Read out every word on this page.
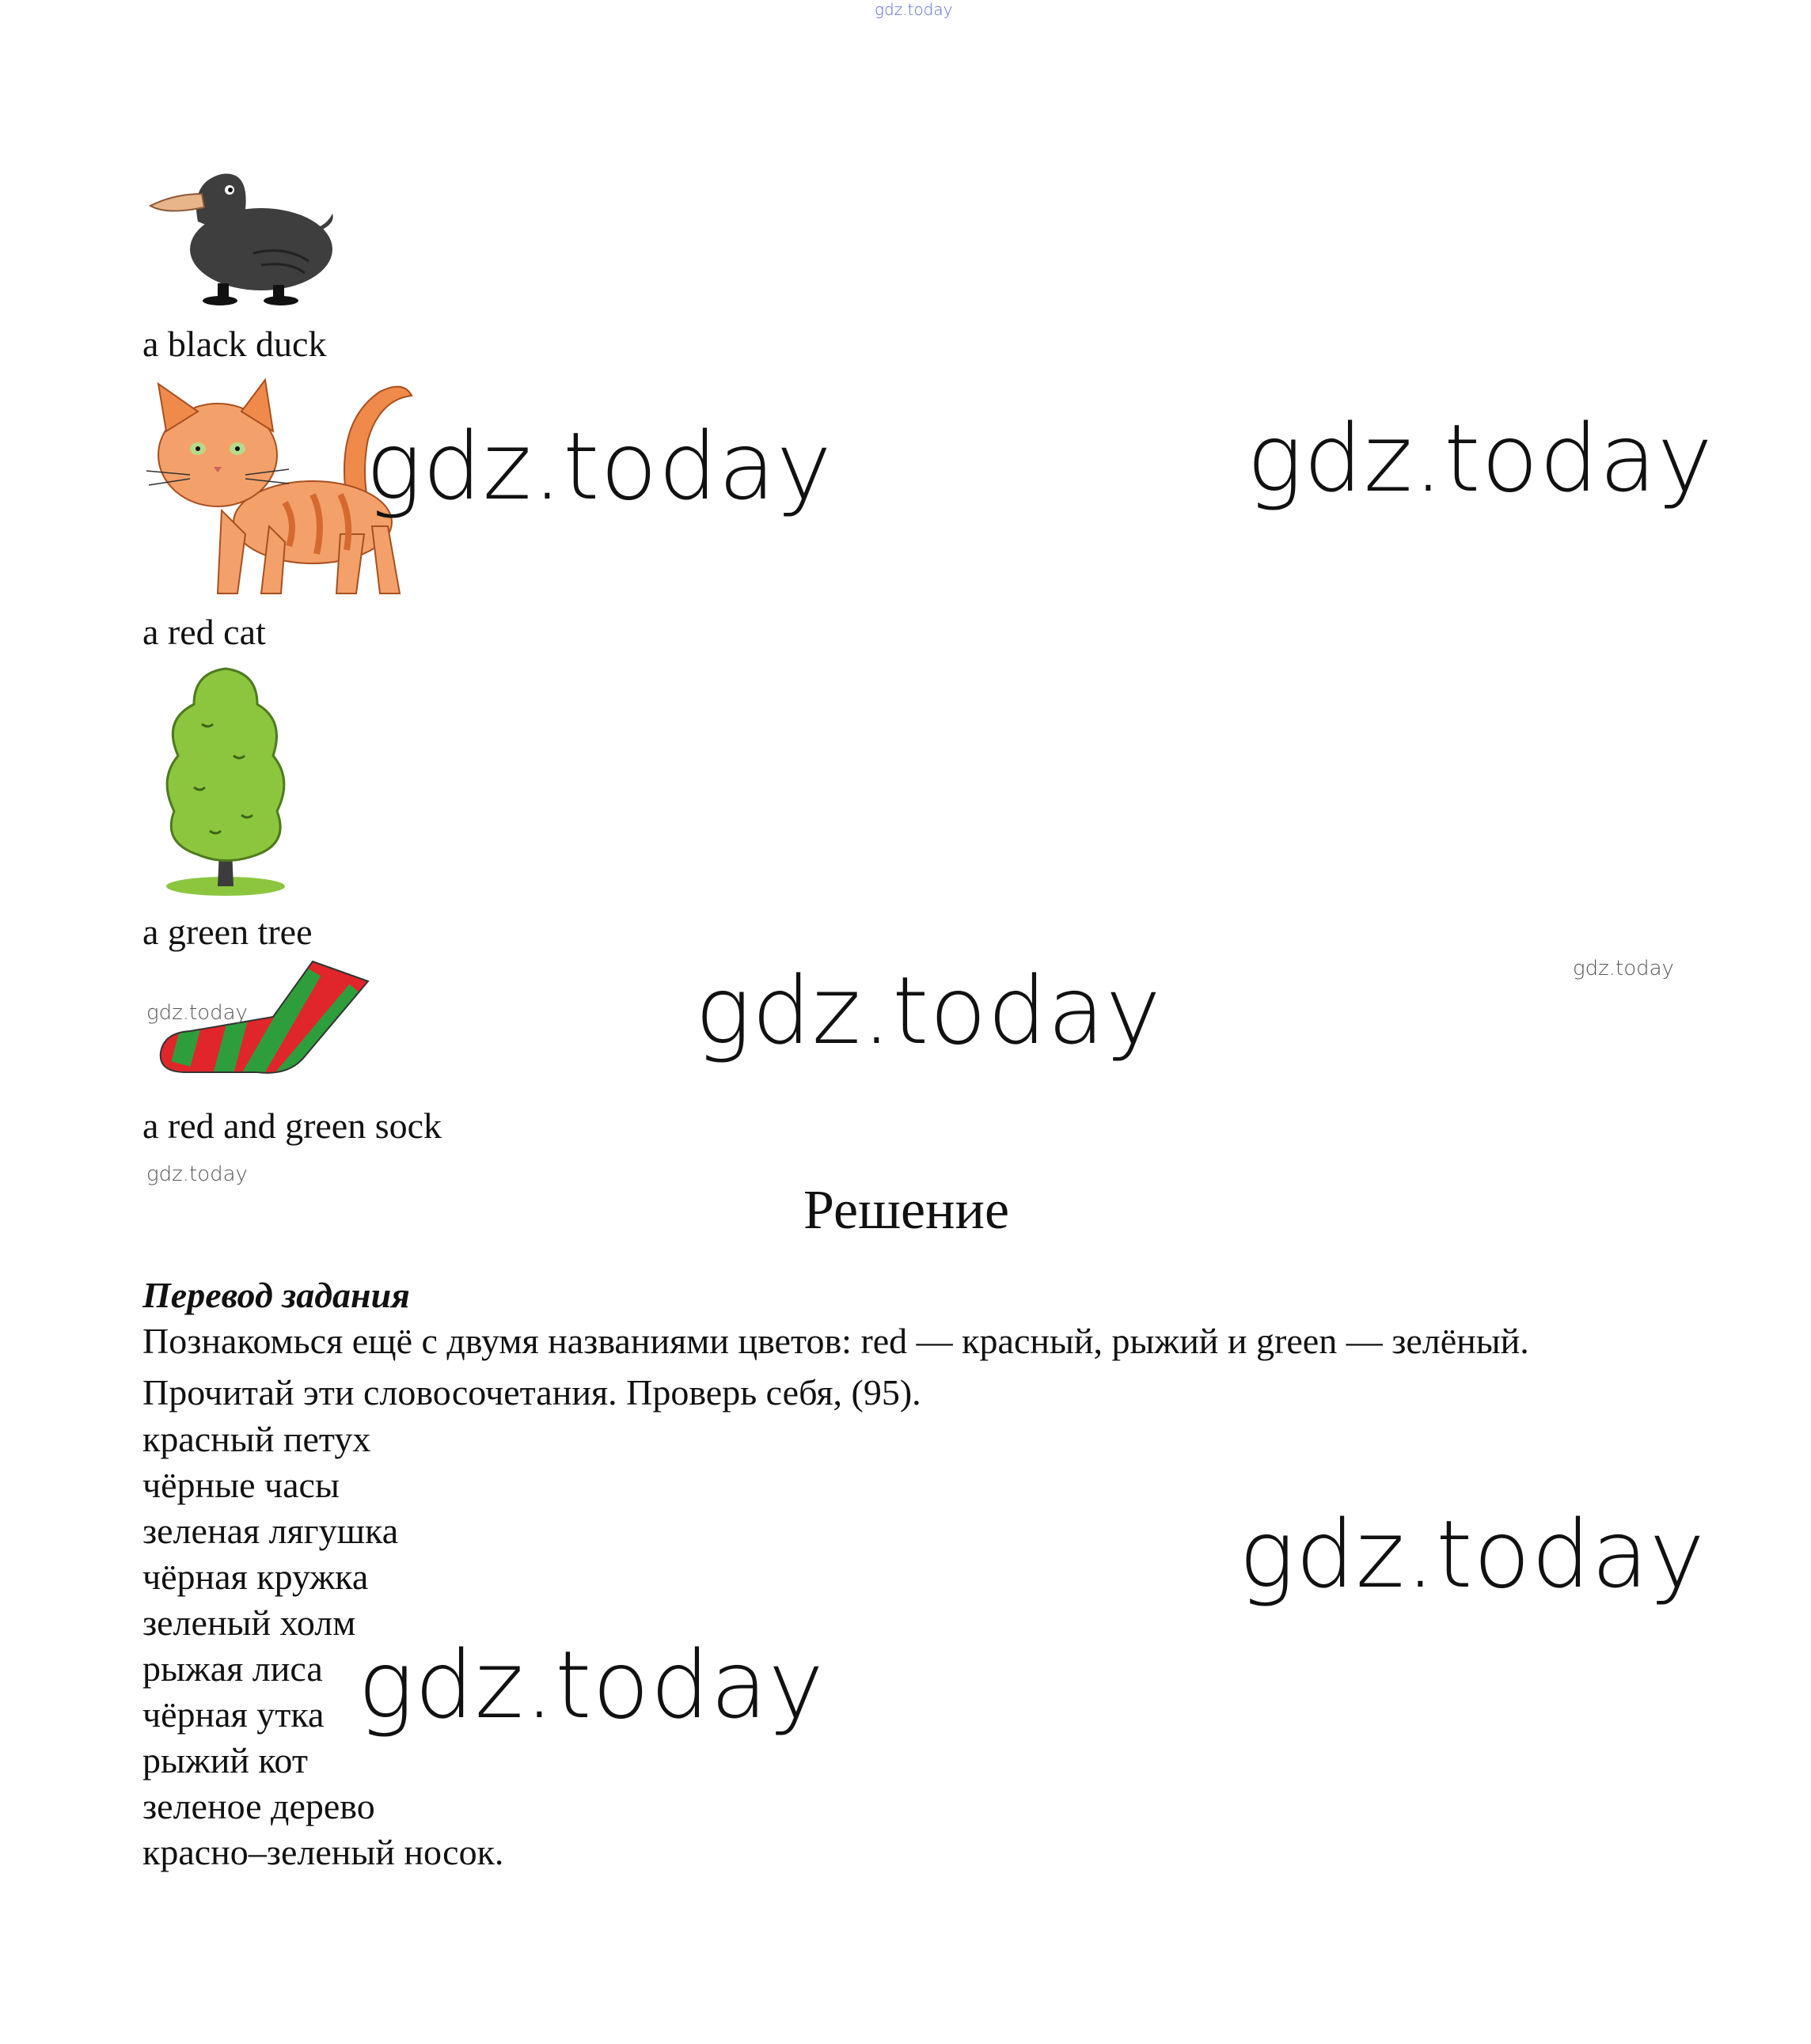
gdz.today
a black duck
a red cat
a green tree
gdz.today
a red and green sock
gdz.today
gdz.today
gdz.today	gdz.today
gdz.today
gdz.today
Решение
Перевод задания
Познакомься ещё с двумя названиями цветов: red — красный, рыжий и green — зелёный.
Прочитай эти словосочетания. Проверь себя, (95).
красный петух
чёрные часы
зеленая лягушка
чёрная кружка
зеленый холм
рыжая лиса
чёрная утка
рыжий кот
зеленое дерево
красно–зеленый носок.
gdz.today
